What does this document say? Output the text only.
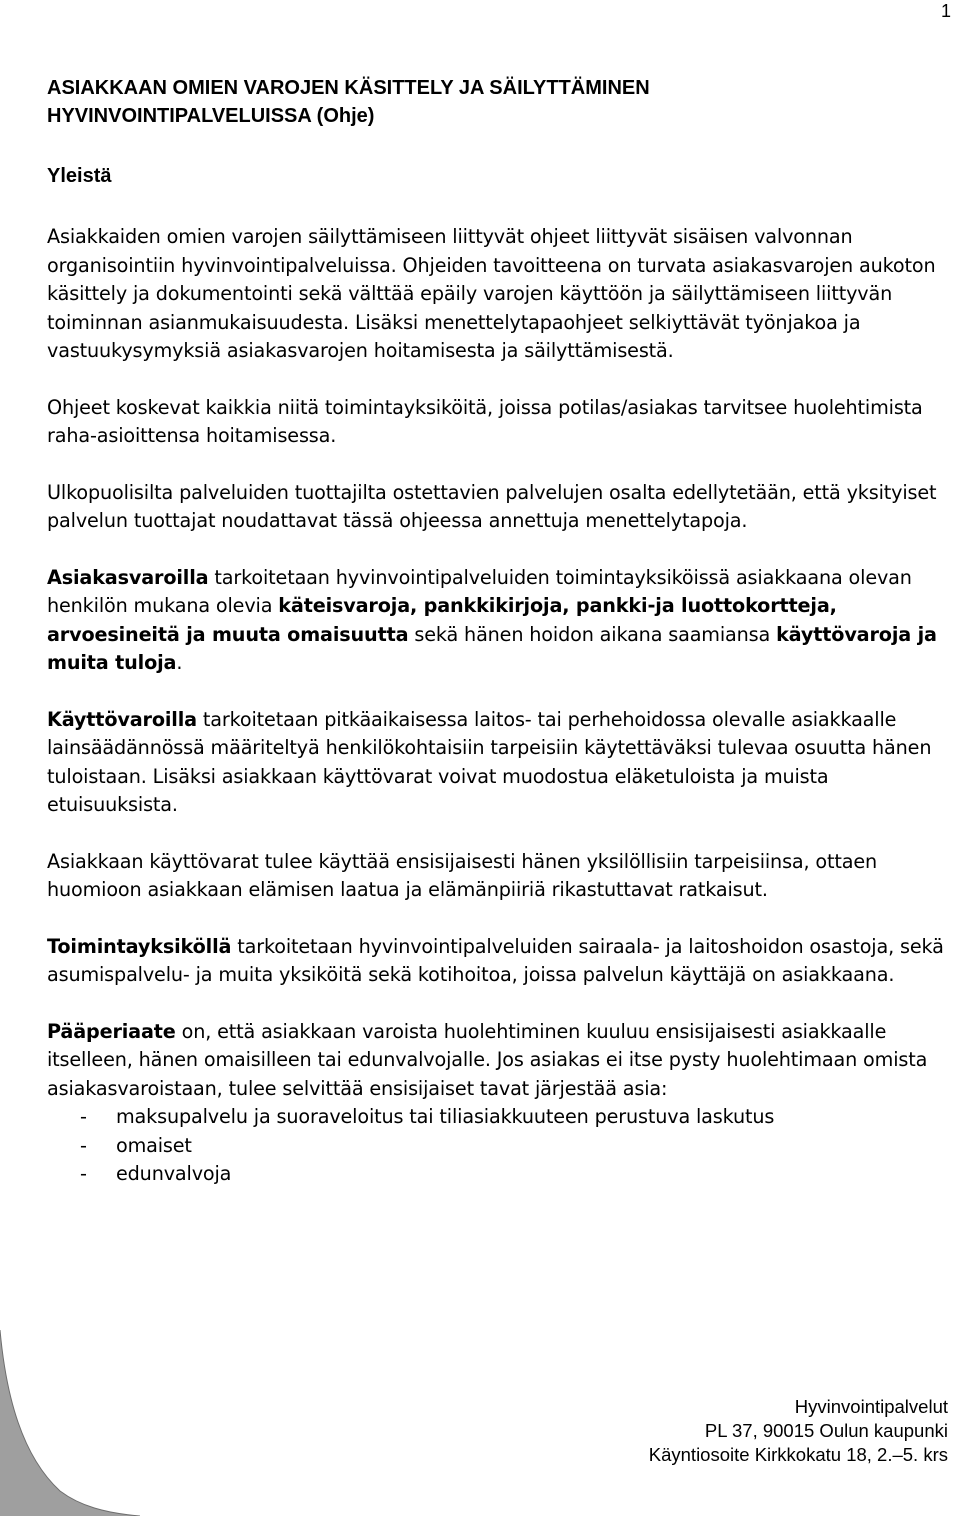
1
ASIAKKAAN OMIEN VAROJEN KÄSITTELY JA SÄILYTTÄMINEN
HYVINVOINTIPALVELUISSA (Ohje)
Yleistä

Asiakkaiden omien varojen säilyttämiseen liittyvät ohjeet liittyvät sisäisen valvonnan organisointiin hyvinvointipalveluissa. Ohjeiden tavoitteena on turvata asiakasvarojen aukoton käsittely ja dokumentointi sekä välttää epäily varojen käyttöön ja säilyttämiseen liittyvän toiminnan asianmukaisuudesta. Lisäksi menettelytapaohjeet selkiyttävät työnjakoa ja vastuukysymyksiä asiakasvarojen hoitamisesta ja säilyttämisestä.

Ohjeet koskevat kaikkia niitä toimintayksiköitä, joissa potilas/asiakas tarvitsee huolehtimista raha-asioittensa hoitamisessa.

Ulkopuolisilta palveluiden tuottajilta ostettavien palvelujen osalta edellytetään, että yksityiset palvelun tuottajat noudattavat tässä ohjeessa annettuja menettelytapoja.

Asiakasvaroilla tarkoitetaan hyvinvointipalveluiden toimintayksiköissä asiakkaana olevan henkilön mukana olevia käteisvaroja, pankkikirjoja, pankki-ja luottokortteja, arvoesineitä ja muuta omaisuutta sekä hänen hoidon aikana saamiansa käyttövaroja ja muita tuloja.

Käyttövaroilla tarkoitetaan pitkäaikaisessa laitos- tai perhehoidossa olevalle asiakkaalle lainsäädännössä määriteltyä henkilökohtaisiin tarpeisiin käytettäväksi tulevaa osuutta hänen tuloistaan. Lisäksi asiakkaan käyttövarat voivat muodostua eläketuloista ja muista etuisuuksista.

Asiakkaan käyttövarat tulee käyttää ensisijaisesti hänen yksilöllisiin tarpeisiinsa, ottaen huomioon asiakkaan elämisen laatua ja elämänpiiriä rikastuttavat ratkaisut.

Toimintayksiköllä tarkoitetaan hyvinvointipalveluiden sairaala- ja laitoshoidon osastoja, sekä asumispalvelu- ja muita yksiköitä sekä kotihoitoa, joissa palvelun käyttäjä on asiakkaana.

Pääperiaate on, että asiakkaan varoista huolehtiminen kuuluu ensisijaisesti asiakkaalle itselleen, hänen omaisilleen tai edunvalvojalle. Jos asiakas ei itse pysty huolehtimaan omista asiakasvaroistaan, tulee selvittää ensisijaiset tavat järjestää asia:

- maksupalvelu ja suoraveloitus tai tiliasiakkuuteen perustuva laskutus
- omaiset
- edunvalvoja
Hyvinvointipalvelut
PL 37, 90015 Oulun kaupunki
Käyntiosoite Kirkkokatu 18, 2.–5. krs
